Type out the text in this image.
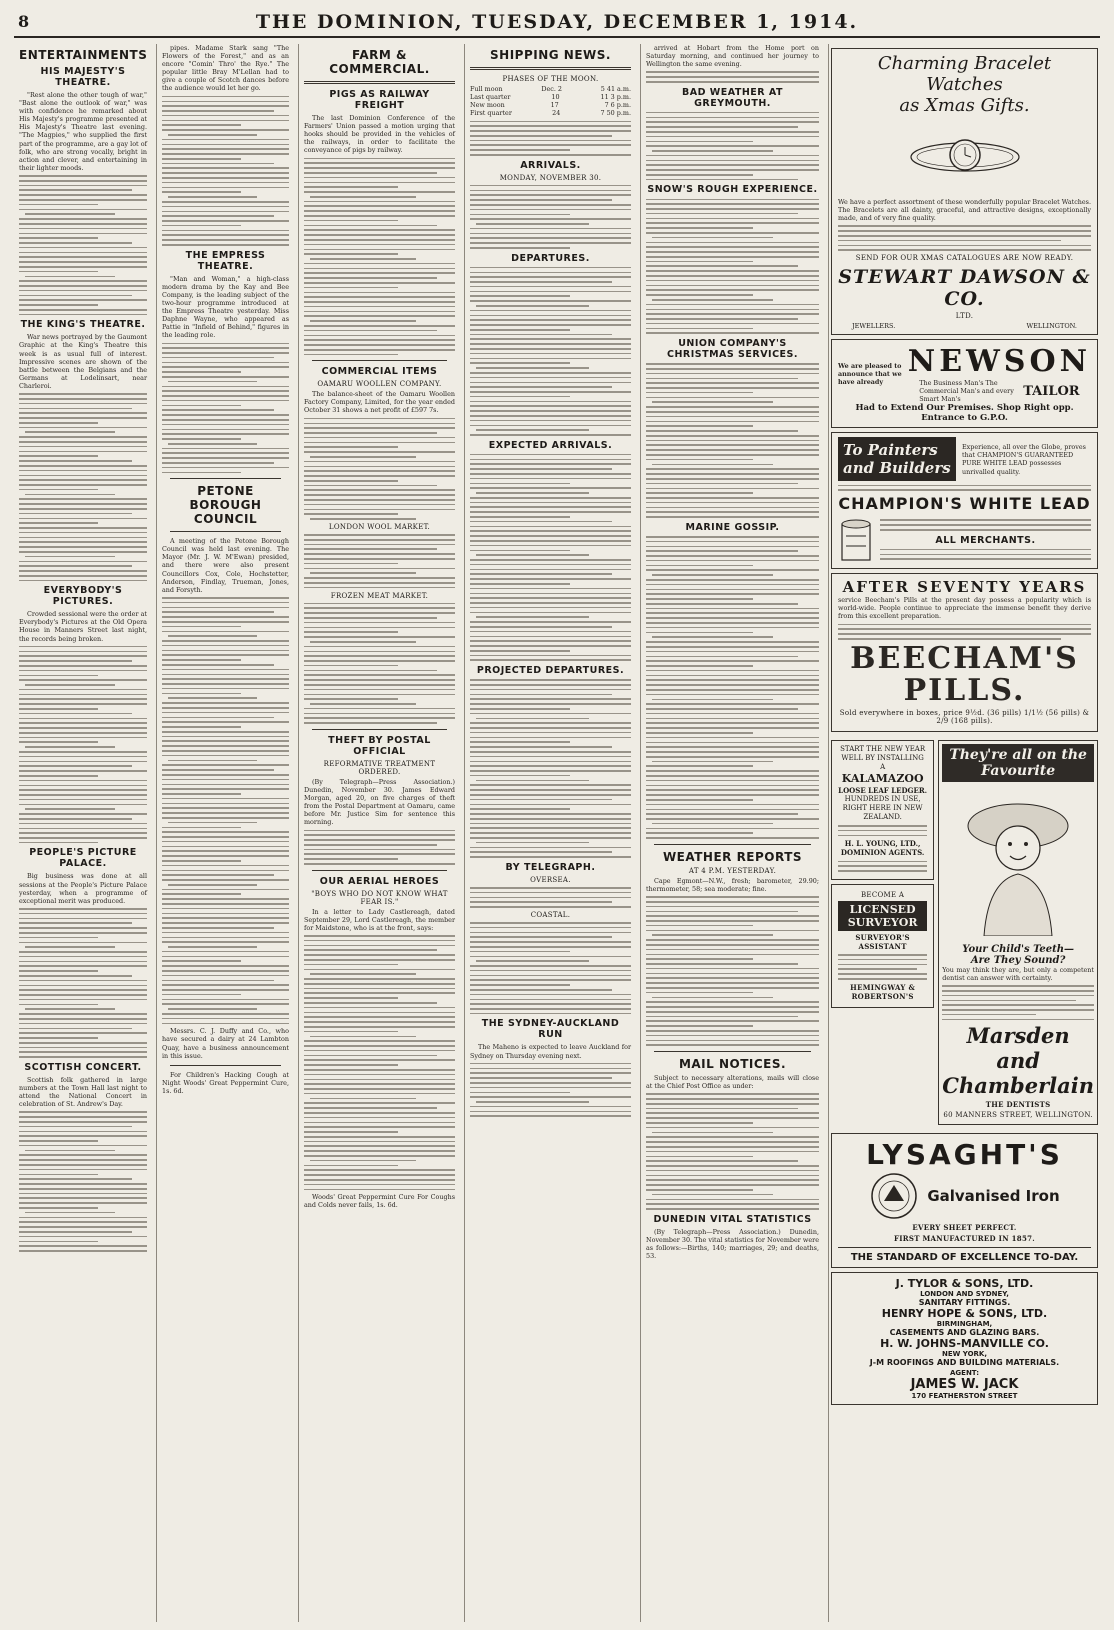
8	THE DOMINION, TUESDAY, DECEMBER 1, 1914.
ENTERTAINMENTS
HIS MAJESTY'S THEATRE.

"Rest alone the other tough of war," "Bast alone the outlook of war," was with confidence he remarked about His Majesty's programme presented at His Majesty's Theatre last evening. "The Magpies," who supplied the first part of the programme, are a gay lot of folk, who are strong vocally, bright in action and clever, and entertaining in their lighter moods.

THE KING'S THEATRE.

War news portrayed by the Gaumont Graphic at the King's Theatre this week is as usual full of interest. Impressive scenes are shown of the battle between the Belgians and the Germans at Lodelinsart, near Charleroi.

EVERYBODY'S PICTURES.

Crowded sessional were the order at Everybody's Pictures at the Old Opera House in Manners Street last night, the records being broken.

PEOPLE'S PICTURE PALACE.

Big business was done at all sessions at the People's Picture Palace yesterday, when a programme of exceptional merit was produced.

SCOTTISH CONCERT.

Scottish folk gathered in large numbers at the Town Hall last night to attend the National Concert in celebration of St. Andrew's Day.

pipes. Madame Stark sang "The Flowers of the Forest," and as an encore "Comin' Thro' the Rye." The popular little Bray M'Lellan had to give a couple of Scotch dances before the audience would let her go.

THE EMPRESS THEATRE.

"Man and Woman," a high-class modern drama by the Kay and Bee Company, is the leading subject of the two-hour programme introduced at the Empress Theatre yesterday. Miss Daphne Wayne, who appeared as Pattie in "Infield of Behind," figures in the leading role.

PETONE BOROUGH COUNCIL

A meeting of the Petone Borough Council was held last evening. The Mayor (Mr. J. W. M'Ewan) presided, and there were also present Councillors Cox, Cole, Hochstetter, Anderson, Findlay, Trueman, Jones, and Forsyth.

Messrs. C. J. Duffy and Co., who have secured a dairy at 24 Lambton Quay, have a business announcement in this issue.

For Children's Hacking Cough at Night Woods' Great Peppermint Cure, 1s. 6d.

FARM & COMMERCIAL.
PIGS AS RAILWAY FREIGHT

The last Dominion Conference of the Farmers' Union passed a motion urging that hooks should be provided in the vehicles of the railways, in order to facilitate the conveyance of pigs by railway.

COMMERCIAL ITEMS
OAMARU WOOLLEN COMPANY.

The balance-sheet of the Oamaru Woollen Factory Company, Limited, for the year ended October 31 shows a net profit of £597 7s.

LONDON WOOL MARKET.
FROZEN MEAT MARKET.
THEFT BY POSTAL OFFICIAL
REFORMATIVE TREATMENT ORDERED.

(By Telegraph—Press Association.) Dunedin, November 30. James Edward Morgan, aged 20, on five charges of theft from the Postal Department at Oamaru, came before Mr. Justice Sim for sentence this morning.

OUR AERIAL HEROES
"BOYS WHO DO NOT KNOW WHAT FEAR IS."

In a letter to Lady Castlereagh, dated September 29, Lord Castlereagh, the member for Maidstone, who is at the front, says:

Woods' Great Peppermint Cure For Coughs and Colds never fails, 1s. 6d.

SHIPPING NEWS.
PHASES OF THE MOON.
Full moon	Dec. 2	5 41 a.m.
Last quarter	10	11 3 p.m.
New moon	17	7 6 p.m.
First quarter	24	7 50 p.m.
ARRIVALS.
MONDAY, NOVEMBER 30.
DEPARTURES.
EXPECTED ARRIVALS.
PROJECTED DEPARTURES.
BY TELEGRAPH.
OVERSEA.
COASTAL.
THE SYDNEY-AUCKLAND RUN

The Maheno is expected to leave Auckland for Sydney on Thursday evening next.

arrived at Hobart from the Home port on Saturday morning, and continued her journey to Wellington the same evening.

BAD WEATHER AT GREYMOUTH.
SNOW'S ROUGH EXPERIENCE.
UNION COMPANY'S CHRISTMAS SERVICES.
MARINE GOSSIP.
WEATHER REPORTS
AT 4 P.M. YESTERDAY.

Cape Egmont—N.W., fresh; barometer, 29.90; thermometer, 58; sea moderate; fine.

MAIL NOTICES.

Subject to necessary alterations, mails will close at the Chief Post Office as under:

DUNEDIN VITAL STATISTICS

(By Telegraph—Press Association.) Dunedin, November 30. The vital statistics for November were as follows:—Births, 140; marriages, 29; and deaths, 53.

Charming Bracelet Watches
as Xmas Gifts.
We have a perfect assortment of these wonderfully popular Bracelet Watches. The Bracelets are all dainty, graceful, and attractive designs, exceptionally made, and of very fine quality.
SEND FOR OUR XMAS CATALOGUES ARE NOW READY.
STEWART DAWSON & CO.
LTD.
JEWELLERS.	WELLINGTON.
We are pleased to announce that we have already
NEWSON
The Business Man's The Commercial Man's and every Smart Man's
TAILOR
Had to Extend Our Premises. Shop Right opp. Entrance to G.P.O.
To Painters and Builders
Experience, all over the Globe, proves that CHAMPION'S GUARANTEED PURE WHITE LEAD possesses unrivalled quality.
CHAMPION'S WHITE LEAD
ALL MERCHANTS.
AFTER SEVENTY YEARS
service Beecham's Pills at the present day possess a popularity which is world-wide. People continue to appreciate the immense benefit they derive from this excellent preparation.
BEECHAM'S PILLS.
Sold everywhere in boxes, price 9½d. (36 pills) 1/1½ (56 pills) & 2/9 (168 pills).
START THE NEW YEAR WELL BY INSTALLING A
KALAMAZOO
LOOSE LEAF LEDGER.
HUNDREDS IN USE, RIGHT HERE IN NEW ZEALAND.
H. L. YOUNG, LTD., DOMINION AGENTS.
BECOME A
LICENSED SURVEYOR
SURVEYOR'S ASSISTANT
HEMINGWAY & ROBERTSON'S
They're all on the Favourite
Your Child's Teeth—
Are They Sound?
You may think they are, but only a competent dentist can answer with certainty.
Marsden and
Chamberlain
THE DENTISTS
60 MANNERS STREET, WELLINGTON.
LYSAGHT'S
Galvanised Iron
EVERY SHEET PERFECT.
FIRST MANUFACTURED IN 1857.
THE STANDARD OF EXCELLENCE TO-DAY.
J. TYLOR & SONS, LTD.
LONDON AND SYDNEY,
SANITARY FITTINGS.
HENRY HOPE & SONS, LTD.
BIRMINGHAM,
CASEMENTS AND GLAZING BARS.
H. W. JOHNS-MANVILLE CO.
NEW YORK,
J-M ROOFINGS AND BUILDING MATERIALS.
AGENT:
JAMES W. JACK
170 FEATHERSTON STREET
